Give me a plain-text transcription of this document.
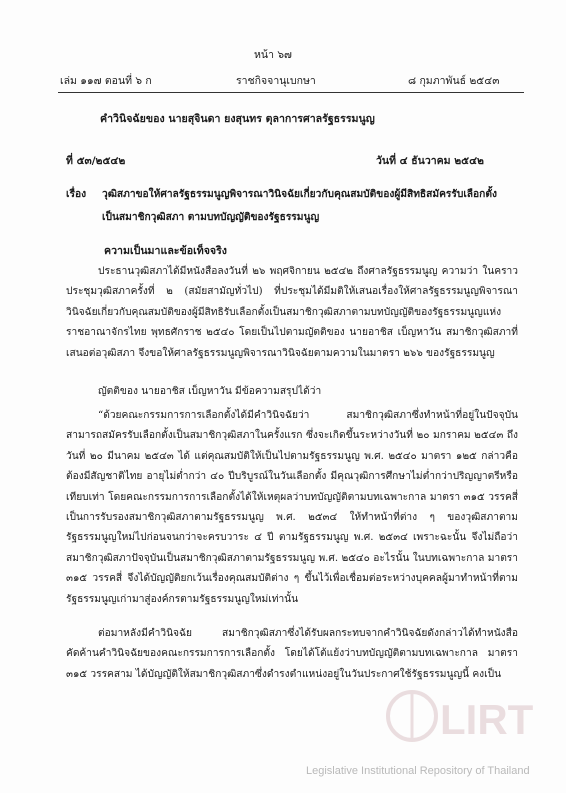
หน้า ๖๗
เล่ม ๑๑๗ ตอนที่ ๖ ก	ราชกิจจานุเบกษา	๘ กุมภาพันธ์ ๒๕๔๓
คำวินิจฉัยของ นายสุจินดา ยงสุนทร ตุลาการศาลรัฐธรรมนูญ
ที่ ๕๓/๒๕๔๒	วันที่ ๔ ธันวาคม ๒๕๔๒
เรื่อง วุฒิสภาขอให้ศาลรัฐธรรมนูญพิจารณาวินิจฉัยเกี่ยวกับคุณสมบัติของผู้มีสิทธิสมัครรับเลือกตั้ง
เป็นสมาชิกวุฒิสภา ตามบทบัญญัติของรัฐธรรมนูญ
ความเป็นมาและข้อเท็จจริง
ประธานวุฒิสภาได้มีหนังสือลงวันที่ ๒๖ พฤศจิกายน ๒๕๔๒ ถึงศาลรัฐธรรมนูญ ความว่า ในคราวประชุมวุฒิสภาครั้งที่ ๒ (สมัยสามัญทั่วไป) ที่ประชุมได้มีมติให้เสนอเรื่องให้ศาลรัฐธรรมนูญพิจารณาวินิจฉัยเกี่ยวกับคุณสมบัติของผู้มีสิทธิรับเลือกตั้งเป็นสมาชิกวุฒิสภาตามบทบัญญัติของรัฐธรรมนูญแห่งราชอาณาจักรไทย พุทธศักราช ๒๕๔๐ โดยเป็นไปตามญัตติของ นายอาชิส เบ็ญหาวัน สมาชิกวุฒิสภาที่เสนอต่อวุฒิสภา จึงขอให้ศาลรัฐธรรมนูญพิจารณาวินิจฉัยตามความในมาตรา ๒๖๖ ของรัฐธรรมนูญ
ญัตติของ นายอาชิส เบ็ญหาวัน มีข้อความสรุปได้ว่า
“ด้วยคณะกรรมการการเลือกตั้งได้มีคำวินิจฉัยว่า สมาชิกวุฒิสภาซึ่งทำหน้าที่อยู่ในปัจจุบันสามารถสมัครรับเลือกตั้งเป็นสมาชิกวุฒิสภาในครั้งแรก ซึ่งจะเกิดขึ้นระหว่างวันที่ ๒๐ มกราคม ๒๕๔๓ ถึงวันที่ ๒๐ มีนาคม ๒๕๔๓ ได้ แต่คุณสมบัติให้เป็นไปตามรัฐธรรมนูญ พ.ศ. ๒๕๔๐ มาตรา ๑๒๕ กล่าวคือ ต้องมีสัญชาติไทย อายุไม่ต่ำกว่า ๔๐ ปีบริบูรณ์ในวันเลือกตั้ง มีคุณวุฒิการศึกษาไม่ต่ำกว่าปริญญาตรีหรือเทียบเท่า โดยคณะกรรมการการเลือกตั้งได้ให้เหตุผลว่าบทบัญญัติตามบทเฉพาะกาล มาตรา ๓๑๕ วรรคสี่ เป็นการรับรองสมาชิกวุฒิสภาตามรัฐธรรมนูญ พ.ศ. ๒๕๓๔ ให้ทำหน้าที่ต่าง ๆ ของวุฒิสภาตามรัฐธรรมนูญใหม่ไปก่อนจนกว่าจะครบวาระ ๔ ปี ตามรัฐธรรมนูญ พ.ศ. ๒๕๓๔ เพราะฉะนั้น จึงไม่ถือว่าสมาชิกวุฒิสภาปัจจุบันเป็นสมาชิกวุฒิสภาตามรัฐธรรมนูญ พ.ศ. ๒๕๔๐ อะไรนั้น ในบทเฉพาะกาล มาตรา ๓๑๕ วรรคสี่ จึงได้บัญญัติยกเว้นเรื่องคุณสมบัติต่าง ๆ ขึ้นไว้เพื่อเชื่อมต่อระหว่างบุคคลผู้มาทำหน้าที่ตามรัฐธรรมนูญเก่ามาสู่องค์กรตามรัฐธรรมนูญใหม่เท่านั้น
ต่อมาหลังมีคำวินิจฉัย สมาชิกวุฒิสภาซึ่งได้รับผลกระทบจากคำวินิจฉัยดังกล่าวได้ทำหนังสือคัดค้านคำวินิจฉัยของคณะกรรมการการเลือกตั้ง โดยได้โต้แย้งว่าบทบัญญัติตามบทเฉพาะกาล มาตรา ๓๑๕ วรรคสาม ได้บัญญัติให้สมาชิกวุฒิสภาซึ่งดำรงตำแหน่งอยู่ในวันประกาศใช้รัฐธรรมนูญนี้ คงเป็น
LIRT
Legislative Institutional Repository of Thailand
